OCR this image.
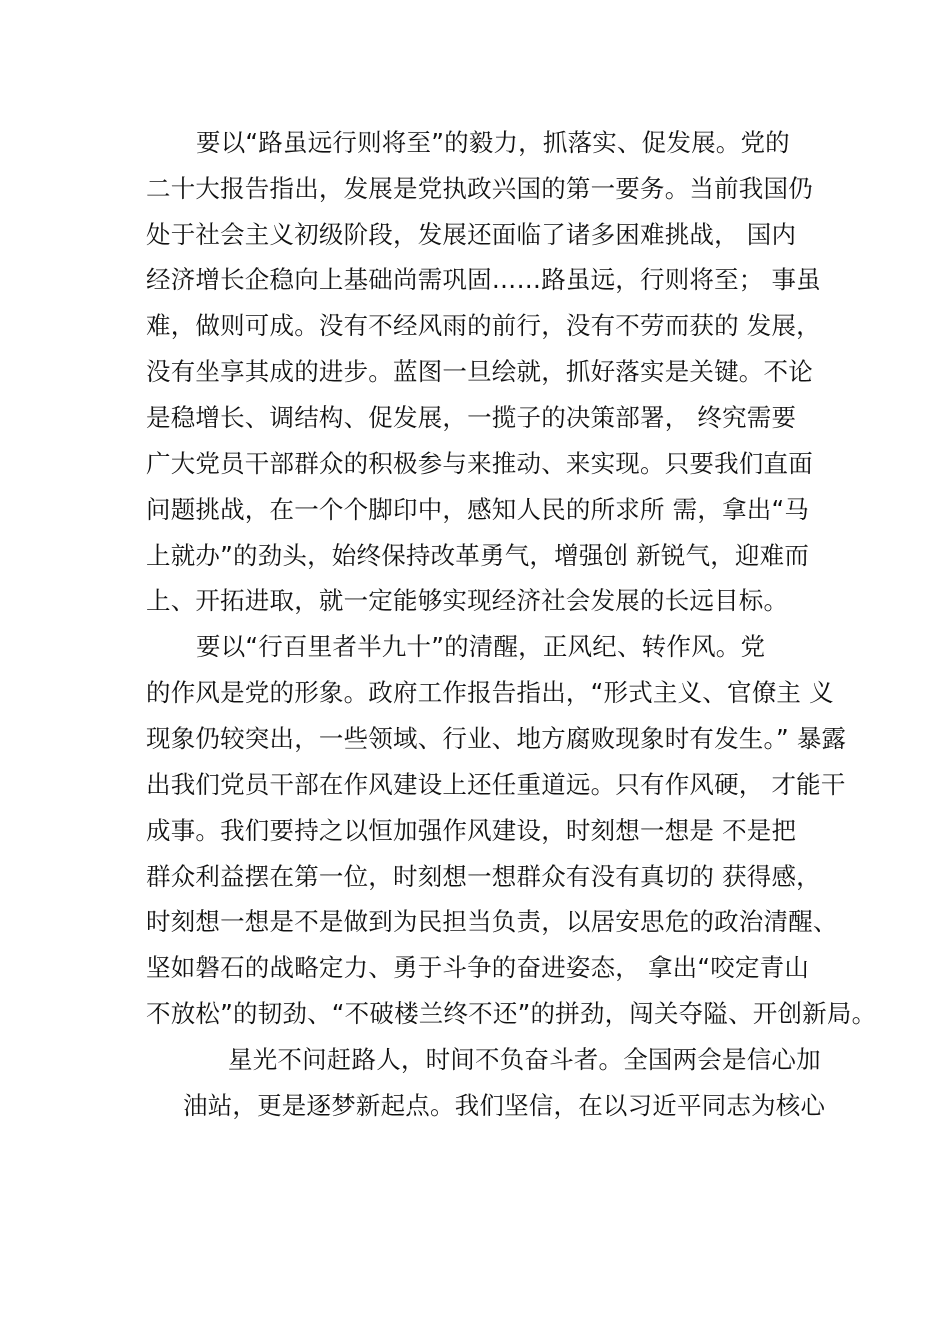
要以“路虽远行则将至”的毅力，抓落实、促发展。党的
二十大报告指出，发展是党执政兴国的第一要务。当前我国仍
处于社会主义初级阶段，发展还面临了诸多困难挑战， 国内
经济增长企稳向上基础尚需巩固……路虽远，行则将至； 事虽
难，做则可成。没有不经风雨的前行，没有不劳而获的 发展，
没有坐享其成的进步。蓝图一旦绘就，抓好落实是关键。不论
是稳增长、调结构、促发展，一揽子的决策部署， 终究需要
广大党员干部群众的积极参与来推动、来实现。只要我们直面
问题挑战，在一个个脚印中，感知人民的所求所 需，拿出“马
上就办”的劲头，始终保持改革勇气，增强创 新锐气，迎难而
上、开拓进取，就一定能够实现经济社会发展的长远目标。
要以“行百里者半九十”的清醒，正风纪、转作风。党
的作风是党的形象。政府工作报告指出，“形式主义、官僚主 义
现象仍较突出，一些领域、行业、地方腐败现象时有发生。” 暴露
出我们党员干部在作风建设上还任重道远。只有作风硬， 才能干
成事。我们要持之以恒加强作风建设，时刻想一想是 不是把
群众利益摆在第一位，时刻想一想群众有没有真切的 获得感，
时刻想一想是不是做到为民担当负责，以居安思危的政治清醒、
坚如磐石的战略定力、勇于斗争的奋进姿态， 拿出“咬定青山
不放松”的韧劲、“不破楼兰终不还”的拼劲，闯关夺隘、开创新局。
星光不问赶路人，时间不负奋斗者。全国两会是信心加
油站，更是逐梦新起点。我们坚信，在以习近平同志为核心
